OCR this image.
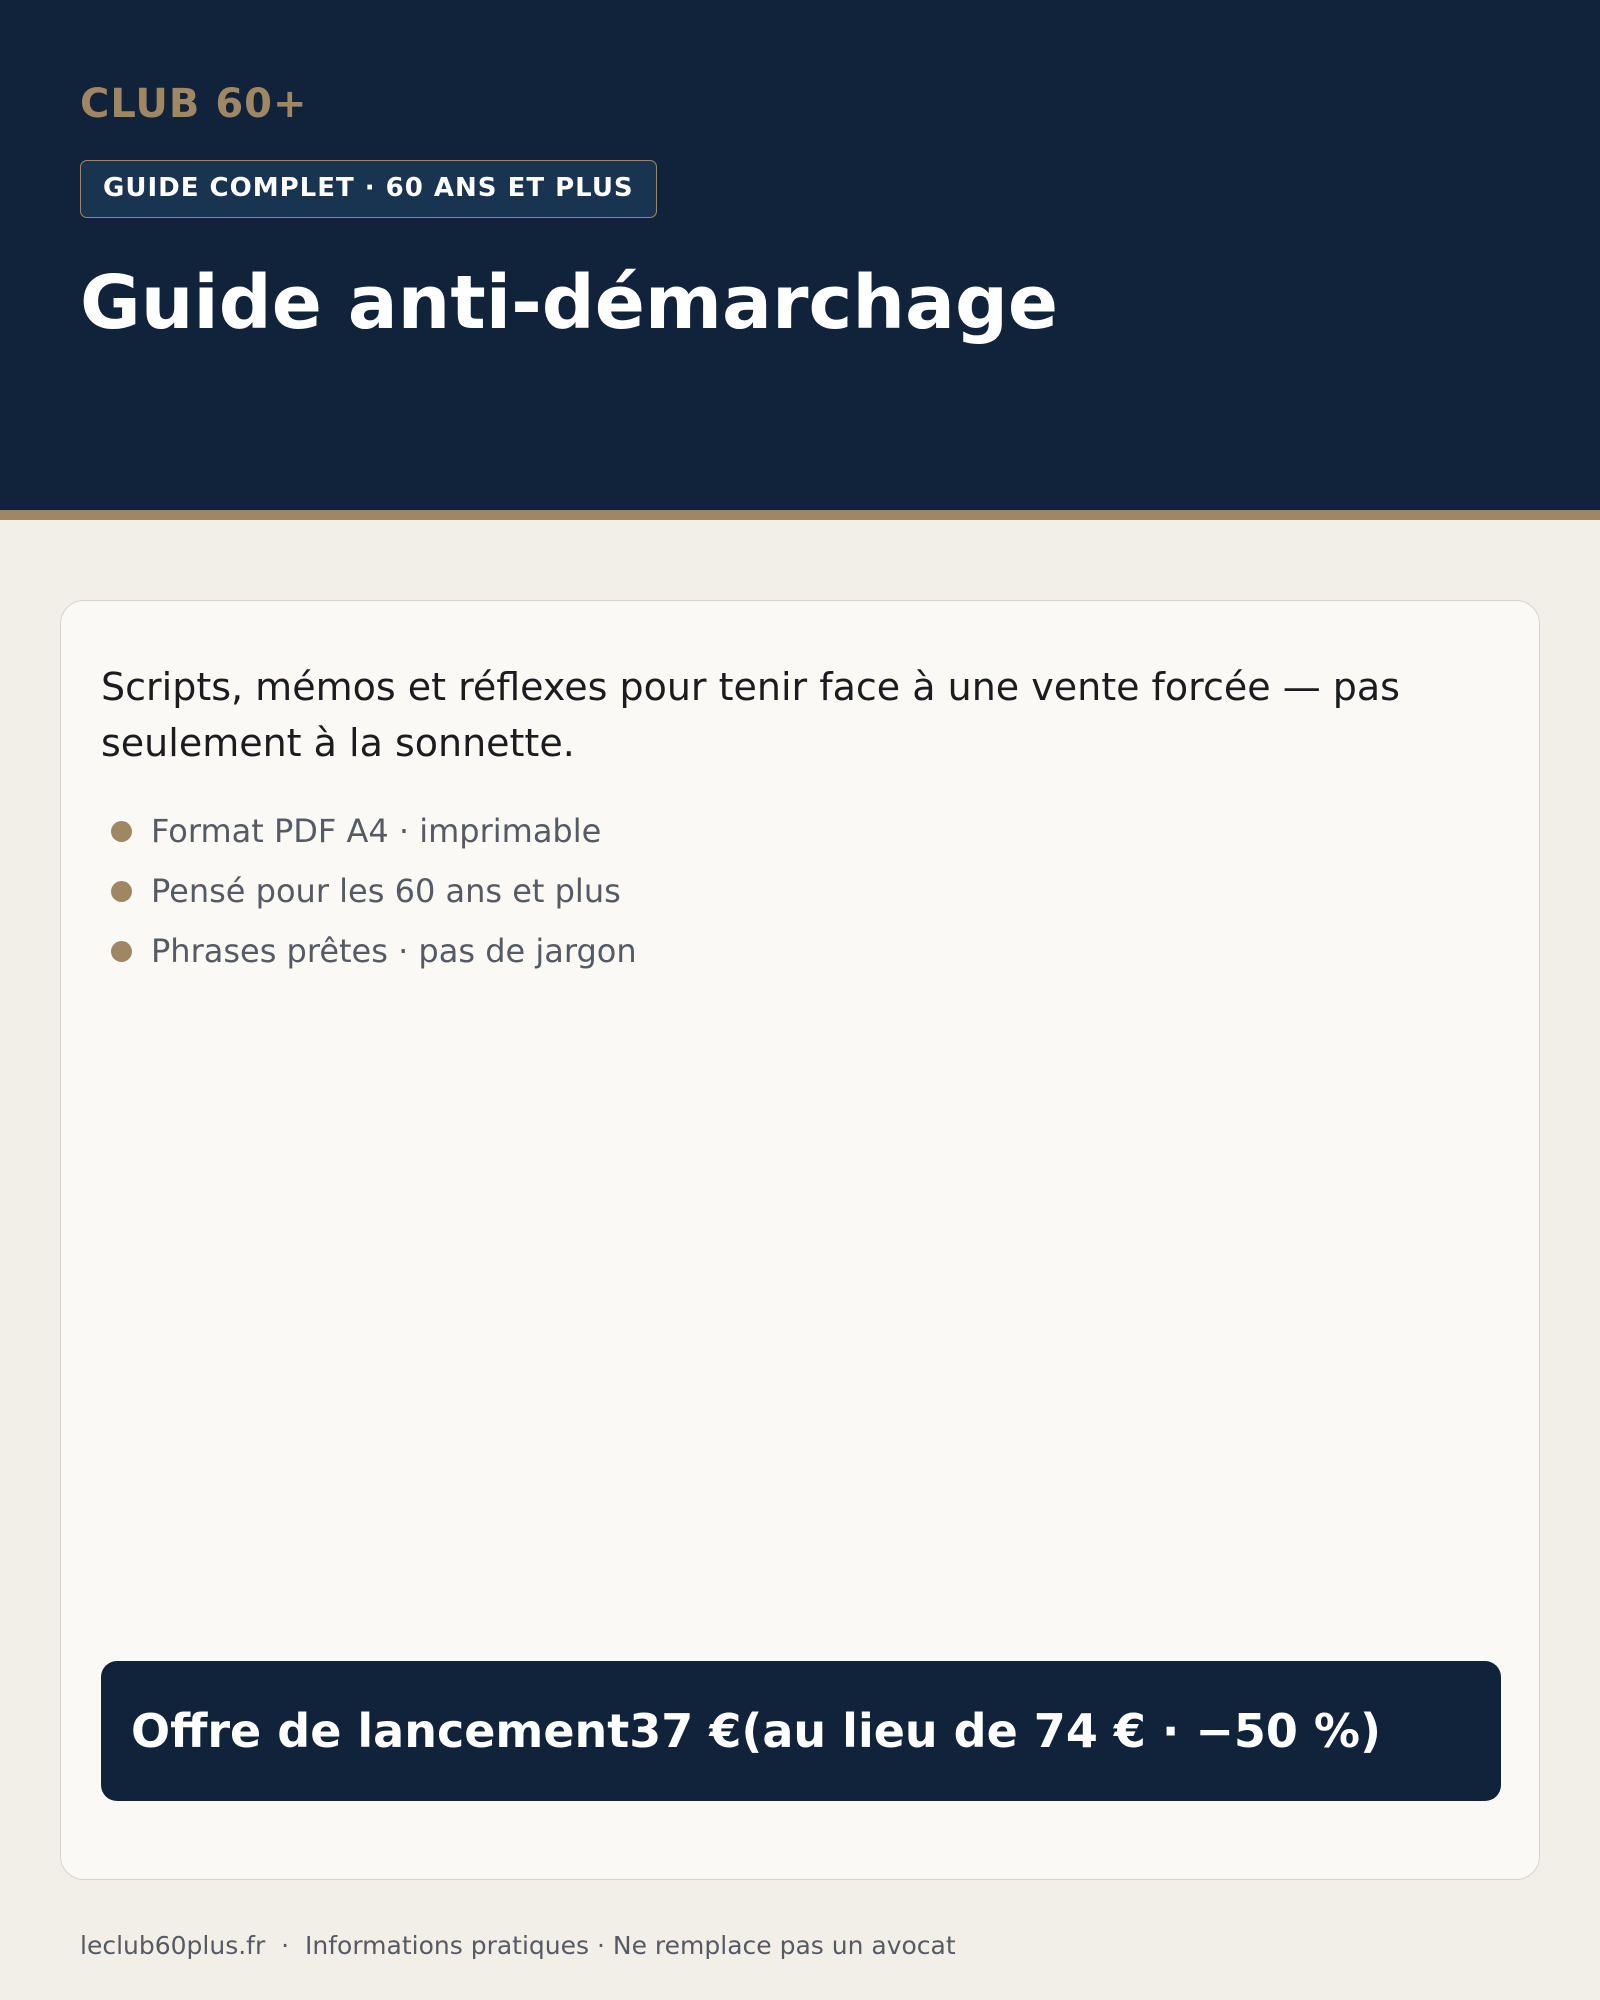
CLUB 60+
GUIDE COMPLET · 60 ANS ET PLUS
Guide anti-démarchage

Scripts, mémos et réflexes pour tenir face à une vente forcée — pas seulement à la sonnette.

Format PDF A4 · imprimable
Pensé pour les 60 ans et plus
Phrases prêtes · pas de jargon
Offre de lancement 37 € (au lieu de 74 € · −50 %)
leclub60plus.fr · Informations pratiques · Ne remplace pas un avocat
